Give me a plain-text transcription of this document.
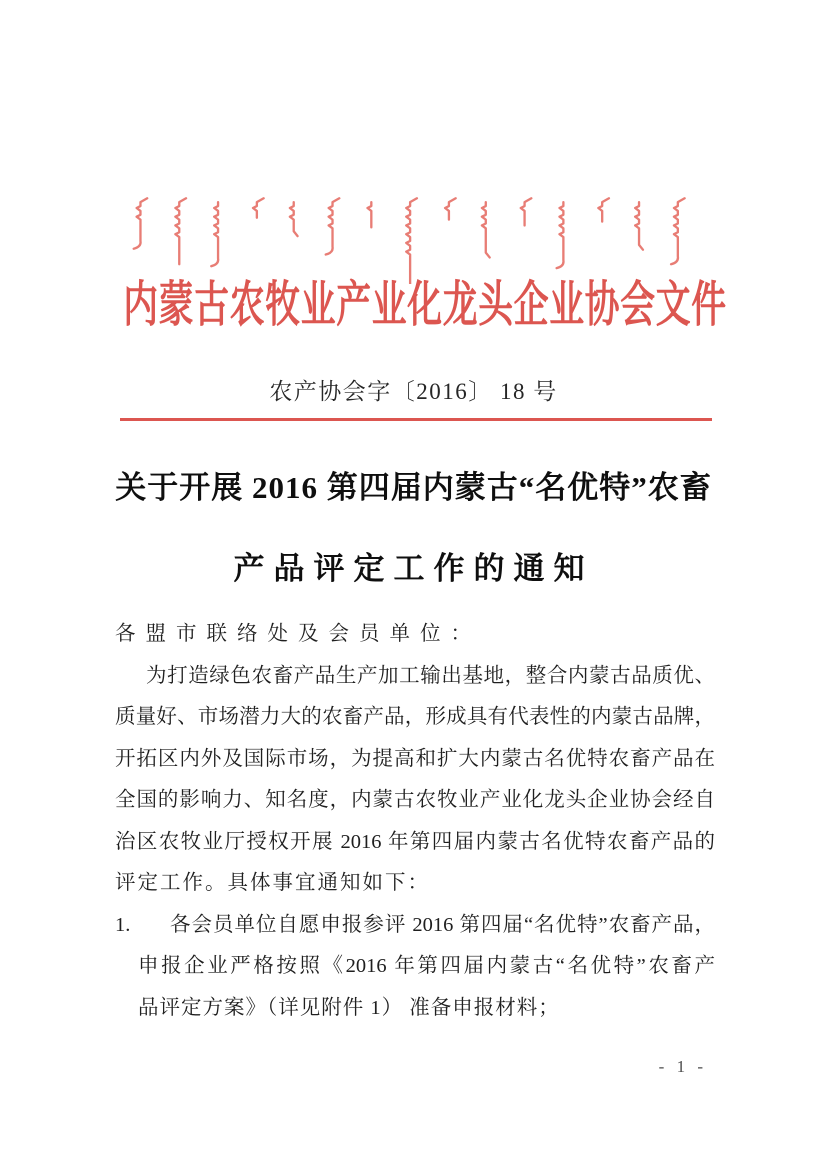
内蒙古农牧业产业化龙头企业协会文件
农产协会字〔2016〕 18 号
关于开展 2016 第四届内蒙古“名优特”农畜
产品评定工作的通知
各盟市联络处及会员单位：
为打造绿色农畜产品生产加工输出基地，整合内蒙古品质优、
质量好、市场潜力大的农畜产品，形成具有代表性的内蒙古品牌，
开拓区内外及国际市场，为提高和扩大内蒙古名优特农畜产品在
全国的影响力、知名度，内蒙古农牧业产业化龙头企业协会经自
治区农牧业厅授权开展 2016 年第四届内蒙古名优特农畜产品的
评定工作。具体事宜通知如下：
1. 各会员单位自愿申报参评 2016 第四届“名优特”农畜产品，
申报企业严格按照《2016 年第四届内蒙古“名优特”农畜产
品评定方案》（详见附件 1） 准备申报材料；
- 1 -
